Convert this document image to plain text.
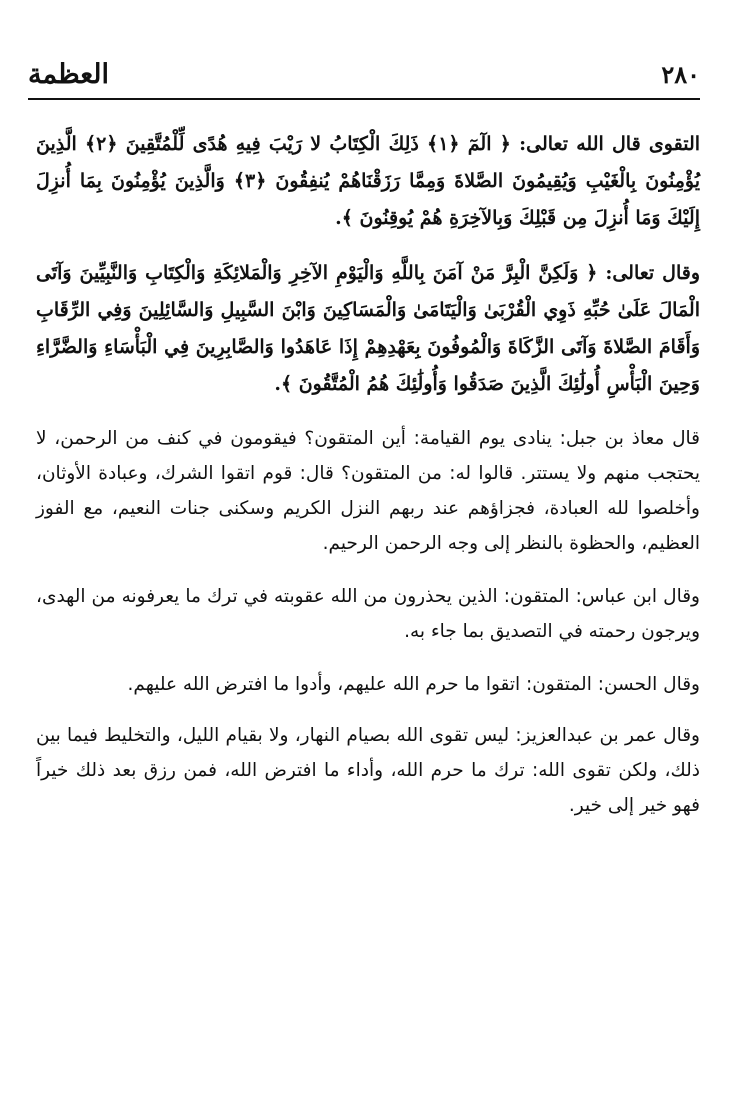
٢٨٠
العظمة

التقوى قال الله تعالى: ﴿ الٓمٓ ﴿١﴾ ذَلِكَ الْكِتَابُ لا رَيْبَ فِيهِ هُدًى لِّلْمُتَّقِينَ ﴿٢﴾ الَّذِينَ يُؤْمِنُونَ بِالْغَيْبِ وَيُقِيمُونَ الصَّلاةَ وَمِمَّا رَزَقْنَاهُمْ يُنفِقُونَ ﴿٣﴾ وَالَّذِينَ يُؤْمِنُونَ بِمَا أُنزِلَ إِلَيْكَ وَمَا أُنزِلَ مِن قَبْلِكَ وَبِالآخِرَةِ هُمْ يُوقِنُونَ ﴾.

وقال تعالى: ﴿ وَلَكِنَّ الْبِرَّ مَنْ آمَنَ بِاللَّهِ وَالْيَوْمِ الآخِرِ وَالْمَلائِكَةِ وَالْكِتَابِ وَالنَّبِيِّينَ وَآتَى الْمَالَ عَلَىٰ حُبِّهِ ذَوِي الْقُرْبَىٰ وَالْيَتَامَىٰ وَالْمَسَاكِينَ وَابْنَ السَّبِيلِ وَالسَّائِلِينَ وَفِي الرِّقَابِ وَأَقَامَ الصَّلاةَ وَآتَى الزَّكَاةَ وَالْمُوفُونَ بِعَهْدِهِمْ إِذَا عَاهَدُوا وَالصَّابِرِينَ فِي الْبَأْسَاءِ وَالضَّرَّاءِ وَحِينَ الْبَأْسِ أُولَٰئِكَ الَّذِينَ صَدَقُوا وَأُولَٰئِكَ هُمُ الْمُتَّقُونَ ﴾.

قال معاذ بن جبل: ينادى يوم القيامة: أين المتقون؟ فيقومون في كنف من الرحمن، لا يحتجب منهم ولا يستتر. قالوا له: من المتقون؟ قال: قوم اتقوا الشرك، وعبادة الأوثان، وأخلصوا لله العبادة، فجزاؤهم عند ربهم النزل الكريم وسكنى جنات النعيم، مع الفوز العظيم، والحظوة بالنظر إلى وجه الرحمن الرحيم.

وقال ابن عباس: المتقون: الذين يحذرون من الله عقوبته في ترك ما يعرفونه من الهدى، ويرجون رحمته في التصديق بما جاء به.

وقال الحسن: المتقون: اتقوا ما حرم الله عليهم، وأدوا ما افترض الله عليهم.

وقال عمر بن عبدالعزيز: ليس تقوى الله بصيام النهار، ولا بقيام الليل، والتخليط فيما بين ذلك، ولكن تقوى الله: ترك ما حرم الله، وأداء ما افترض الله، فمن رزق بعد ذلك خيراً فهو خير إلى خير.
